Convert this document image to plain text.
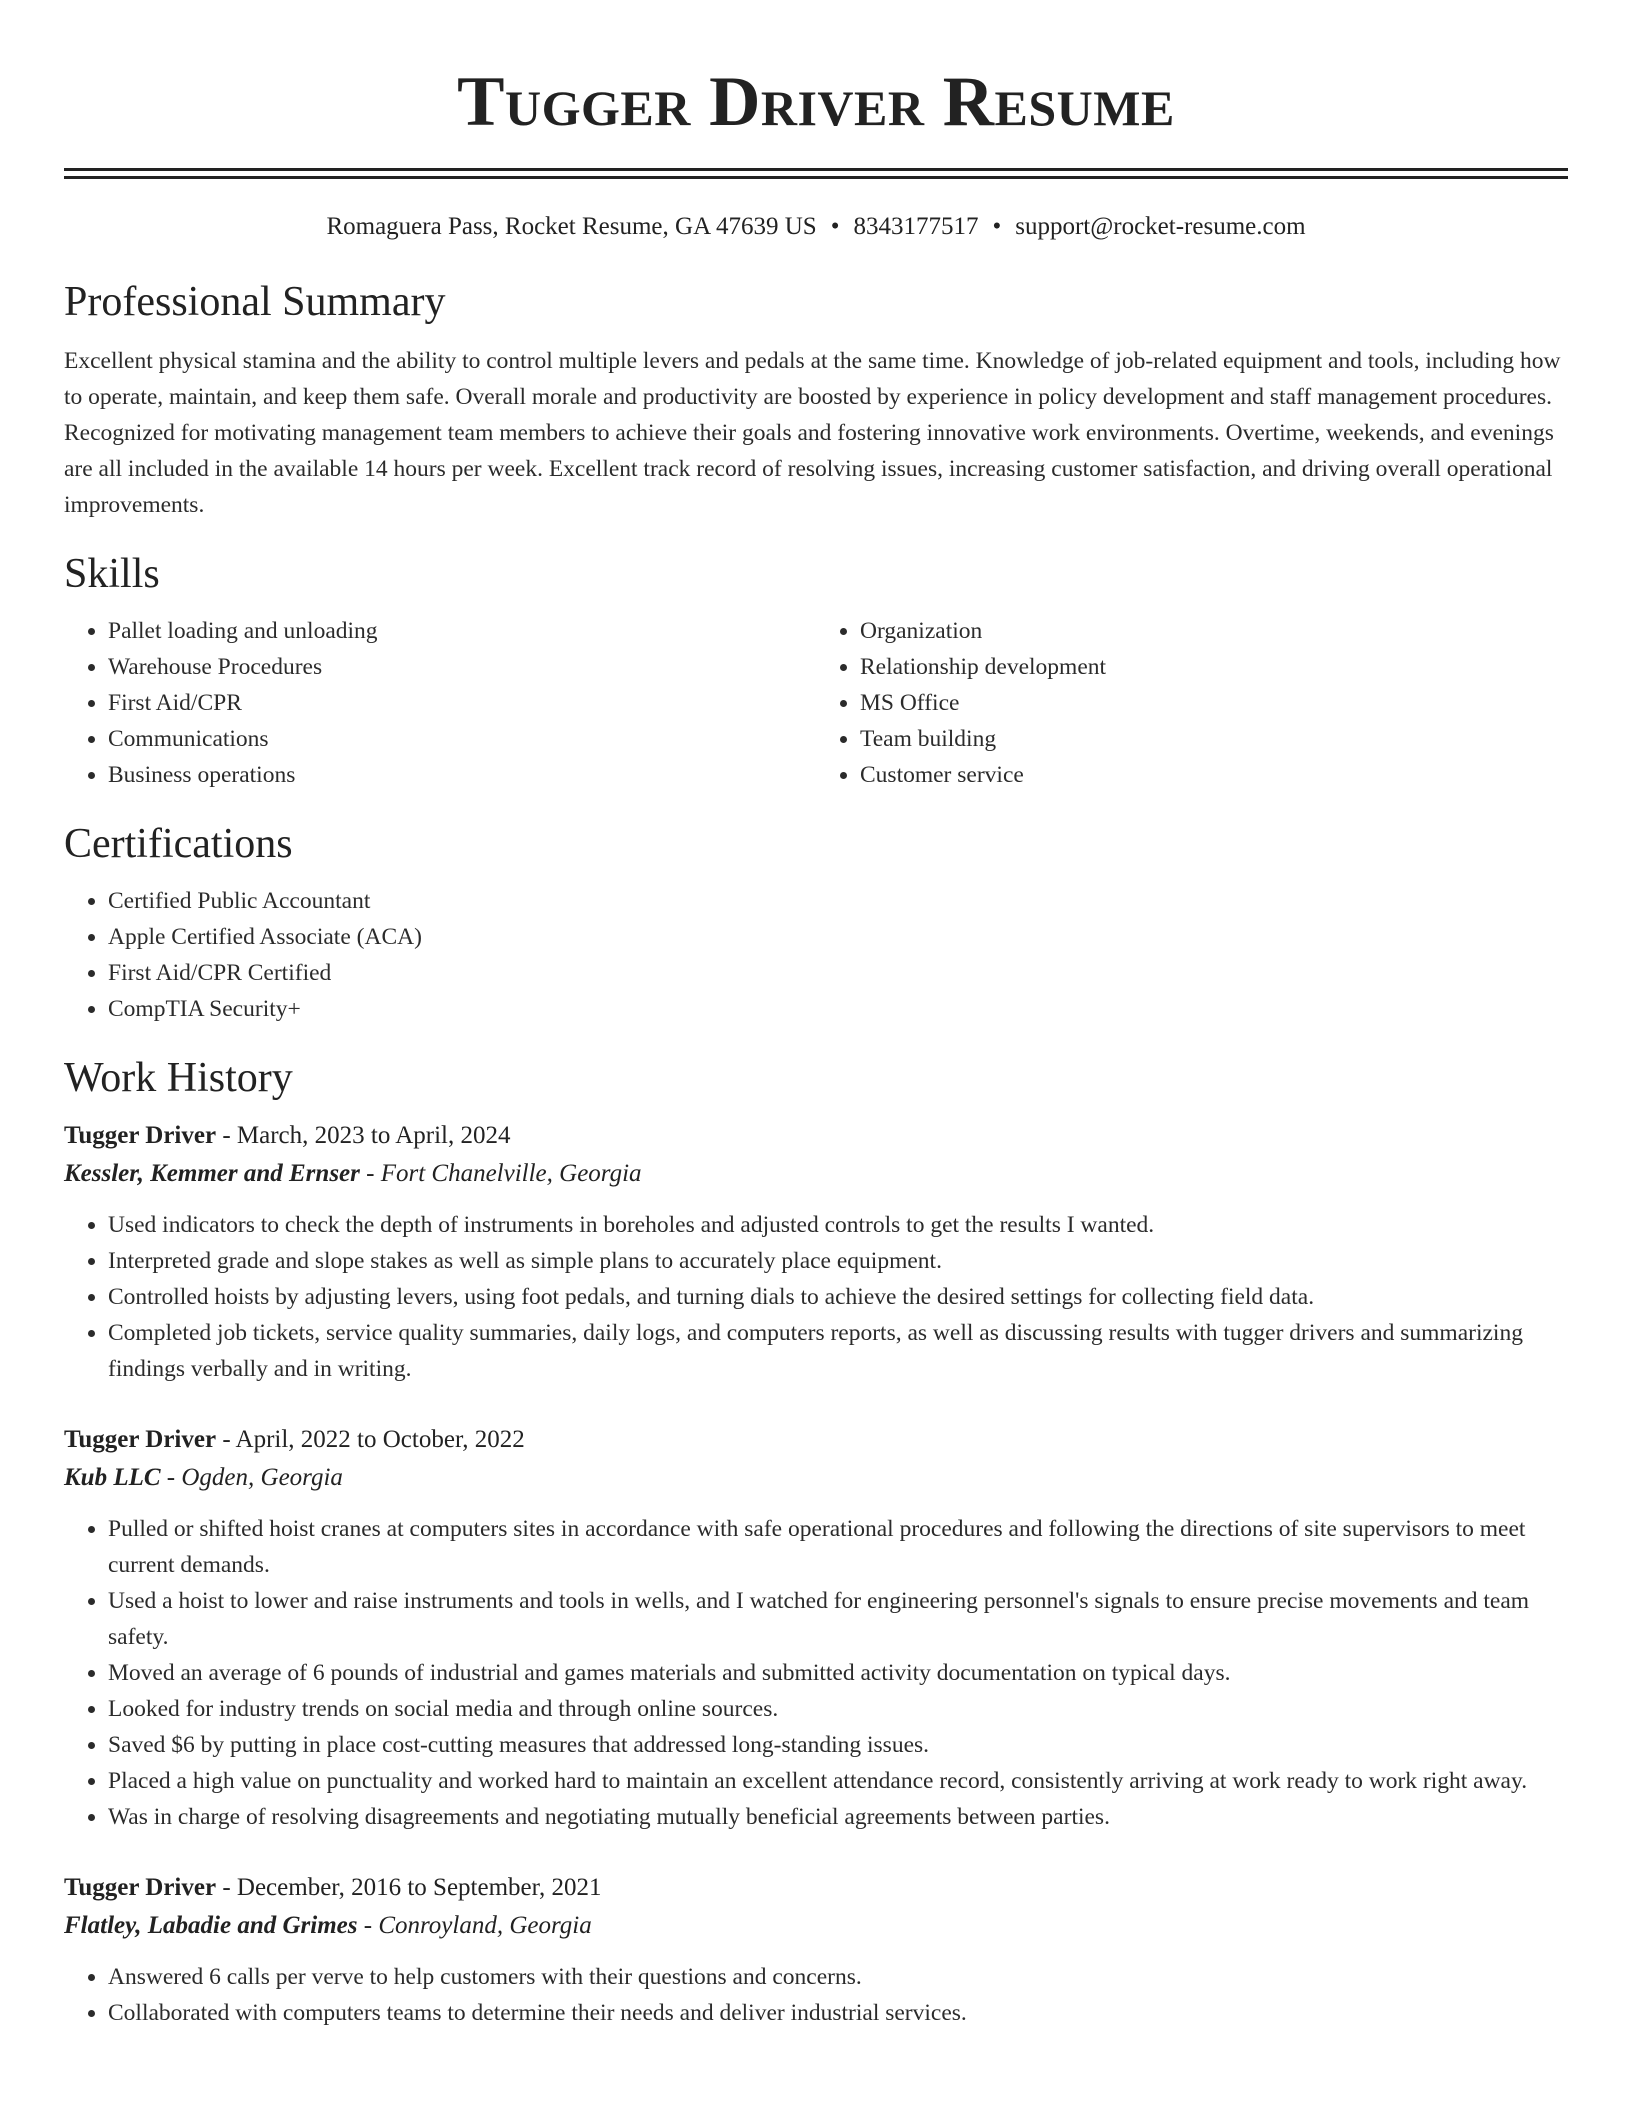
Tugger Driver Resume
Romaguera Pass, Rocket Resume, GA 47639 US • 8343177517 • support@rocket-resume.com
Professional Summary

Excellent physical stamina and the ability to control multiple levers and pedals at the same time. Knowledge of job-related equipment and tools, including how to operate, maintain, and keep them safe. Overall morale and productivity are boosted by experience in policy development and staff management procedures. Recognized for motivating management team members to achieve their goals and fostering innovative work environments. Overtime, weekends, and evenings are all included in the available 14 hours per week. Excellent track record of resolving issues, increasing customer satisfaction, and driving overall operational improvements.

Skills
• Pallet loading and unloading
• Warehouse Procedures
• First Aid/CPR
• Communications
• Business operations
• Organization
• Relationship development
• MS Office
• Team building
• Customer service
Certifications
• Certified Public Accountant
• Apple Certified Associate (ACA)
• First Aid/CPR Certified
• CompTIA Security+
Work History
Tugger Driver - March, 2023 to April, 2024
Kessler, Kemmer and Ernser - Fort Chanelville, Georgia
• Used indicators to check the depth of instruments in boreholes and adjusted controls to get the results I wanted.
• Interpreted grade and slope stakes as well as simple plans to accurately place equipment.
• Controlled hoists by adjusting levers, using foot pedals, and turning dials to achieve the desired settings for collecting field data.
• Completed job tickets, service quality summaries, daily logs, and computers reports, as well as discussing results with tugger drivers and summarizing findings verbally and in writing.
Tugger Driver - April, 2022 to October, 2022
Kub LLC - Ogden, Georgia
• Pulled or shifted hoist cranes at computers sites in accordance with safe operational procedures and following the directions of site supervisors to meet current demands.
• Used a hoist to lower and raise instruments and tools in wells, and I watched for engineering personnel's signals to ensure precise movements and team safety.
• Moved an average of 6 pounds of industrial and games materials and submitted activity documentation on typical days.
• Looked for industry trends on social media and through online sources.
• Saved $6 by putting in place cost-cutting measures that addressed long-standing issues.
• Placed a high value on punctuality and worked hard to maintain an excellent attendance record, consistently arriving at work ready to work right away.
• Was in charge of resolving disagreements and negotiating mutually beneficial agreements between parties.
Tugger Driver - December, 2016 to September, 2021
Flatley, Labadie and Grimes - Conroyland, Georgia
• Answered 6 calls per verve to help customers with their questions and concerns.
• Collaborated with computers teams to determine their needs and deliver industrial services.
